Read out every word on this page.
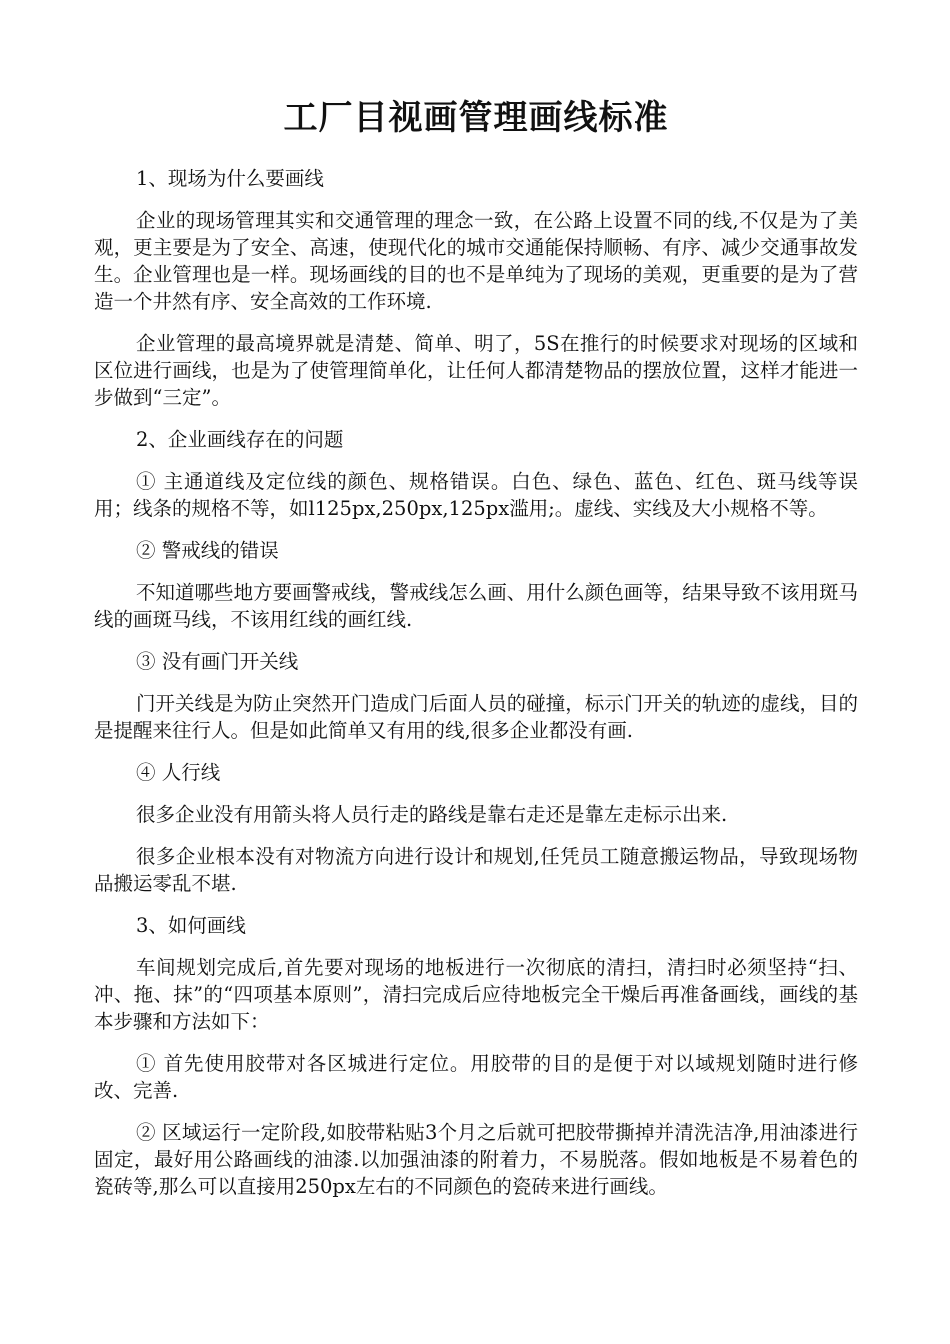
工厂目视画管理画线标准

1、现场为什么要画线

企业的现场管理其实和交通管理的理念一致，在公路上设置不同的线,不仅是为了美观，更主要是为了安全、高速，使现代化的城市交通能保持顺畅、有序、减少交通事故发生。企业管理也是一样。现场画线的目的也不是单纯为了现场的美观，更重要的是为了营造一个井然有序、安全高效的工作环境.

企业管理的最高境界就是清楚、简单、明了，5S在推行的时候要求对现场的区域和区位进行画线，也是为了使管理简单化，让任何人都清楚物品的摆放位置，这样才能进一步做到“三定”。

2、企业画线存在的问题

① 主通道线及定位线的颜色、规格错误。白色、绿色、蓝色、红色、斑马线等误用；线条的规格不等，如l125px,250px,125px滥用;。虚线、实线及大小规格不等。

② 警戒线的错误

不知道哪些地方要画警戒线，警戒线怎么画、用什么颜色画等，结果导致不该用斑马线的画斑马线，不该用红线的画红线.

③ 没有画门开关线

门开关线是为防止突然开门造成门后面人员的碰撞，标示门开关的轨迹的虚线，目的是提醒来往行人。但是如此简单又有用的线,很多企业都没有画.

④ 人行线

很多企业没有用箭头将人员行走的路线是靠右走还是靠左走标示出来.

很多企业根本没有对物流方向进行设计和规划,任凭员工随意搬运物品，导致现场物品搬运零乱不堪.

3、如何画线

车间规划完成后,首先要对现场的地板进行一次彻底的清扫，清扫时必须坚持“扫、冲、拖、抹”的“四项基本原则”，清扫完成后应待地板完全干燥后再准备画线，画线的基本步骤和方法如下：

① 首先使用胶带对各区城进行定位。用胶带的目的是便于对以域规划随时进行修改、完善.

② 区域运行一定阶段,如胶带粘贴3个月之后就可把胶带撕掉并清洗洁净,用油漆进行固定，最好用公路画线的油漆.以加强油漆的附着力，不易脱落。假如地板是不易着色的瓷砖等,那么可以直接用250px左右的不同颜色的瓷砖来进行画线。
